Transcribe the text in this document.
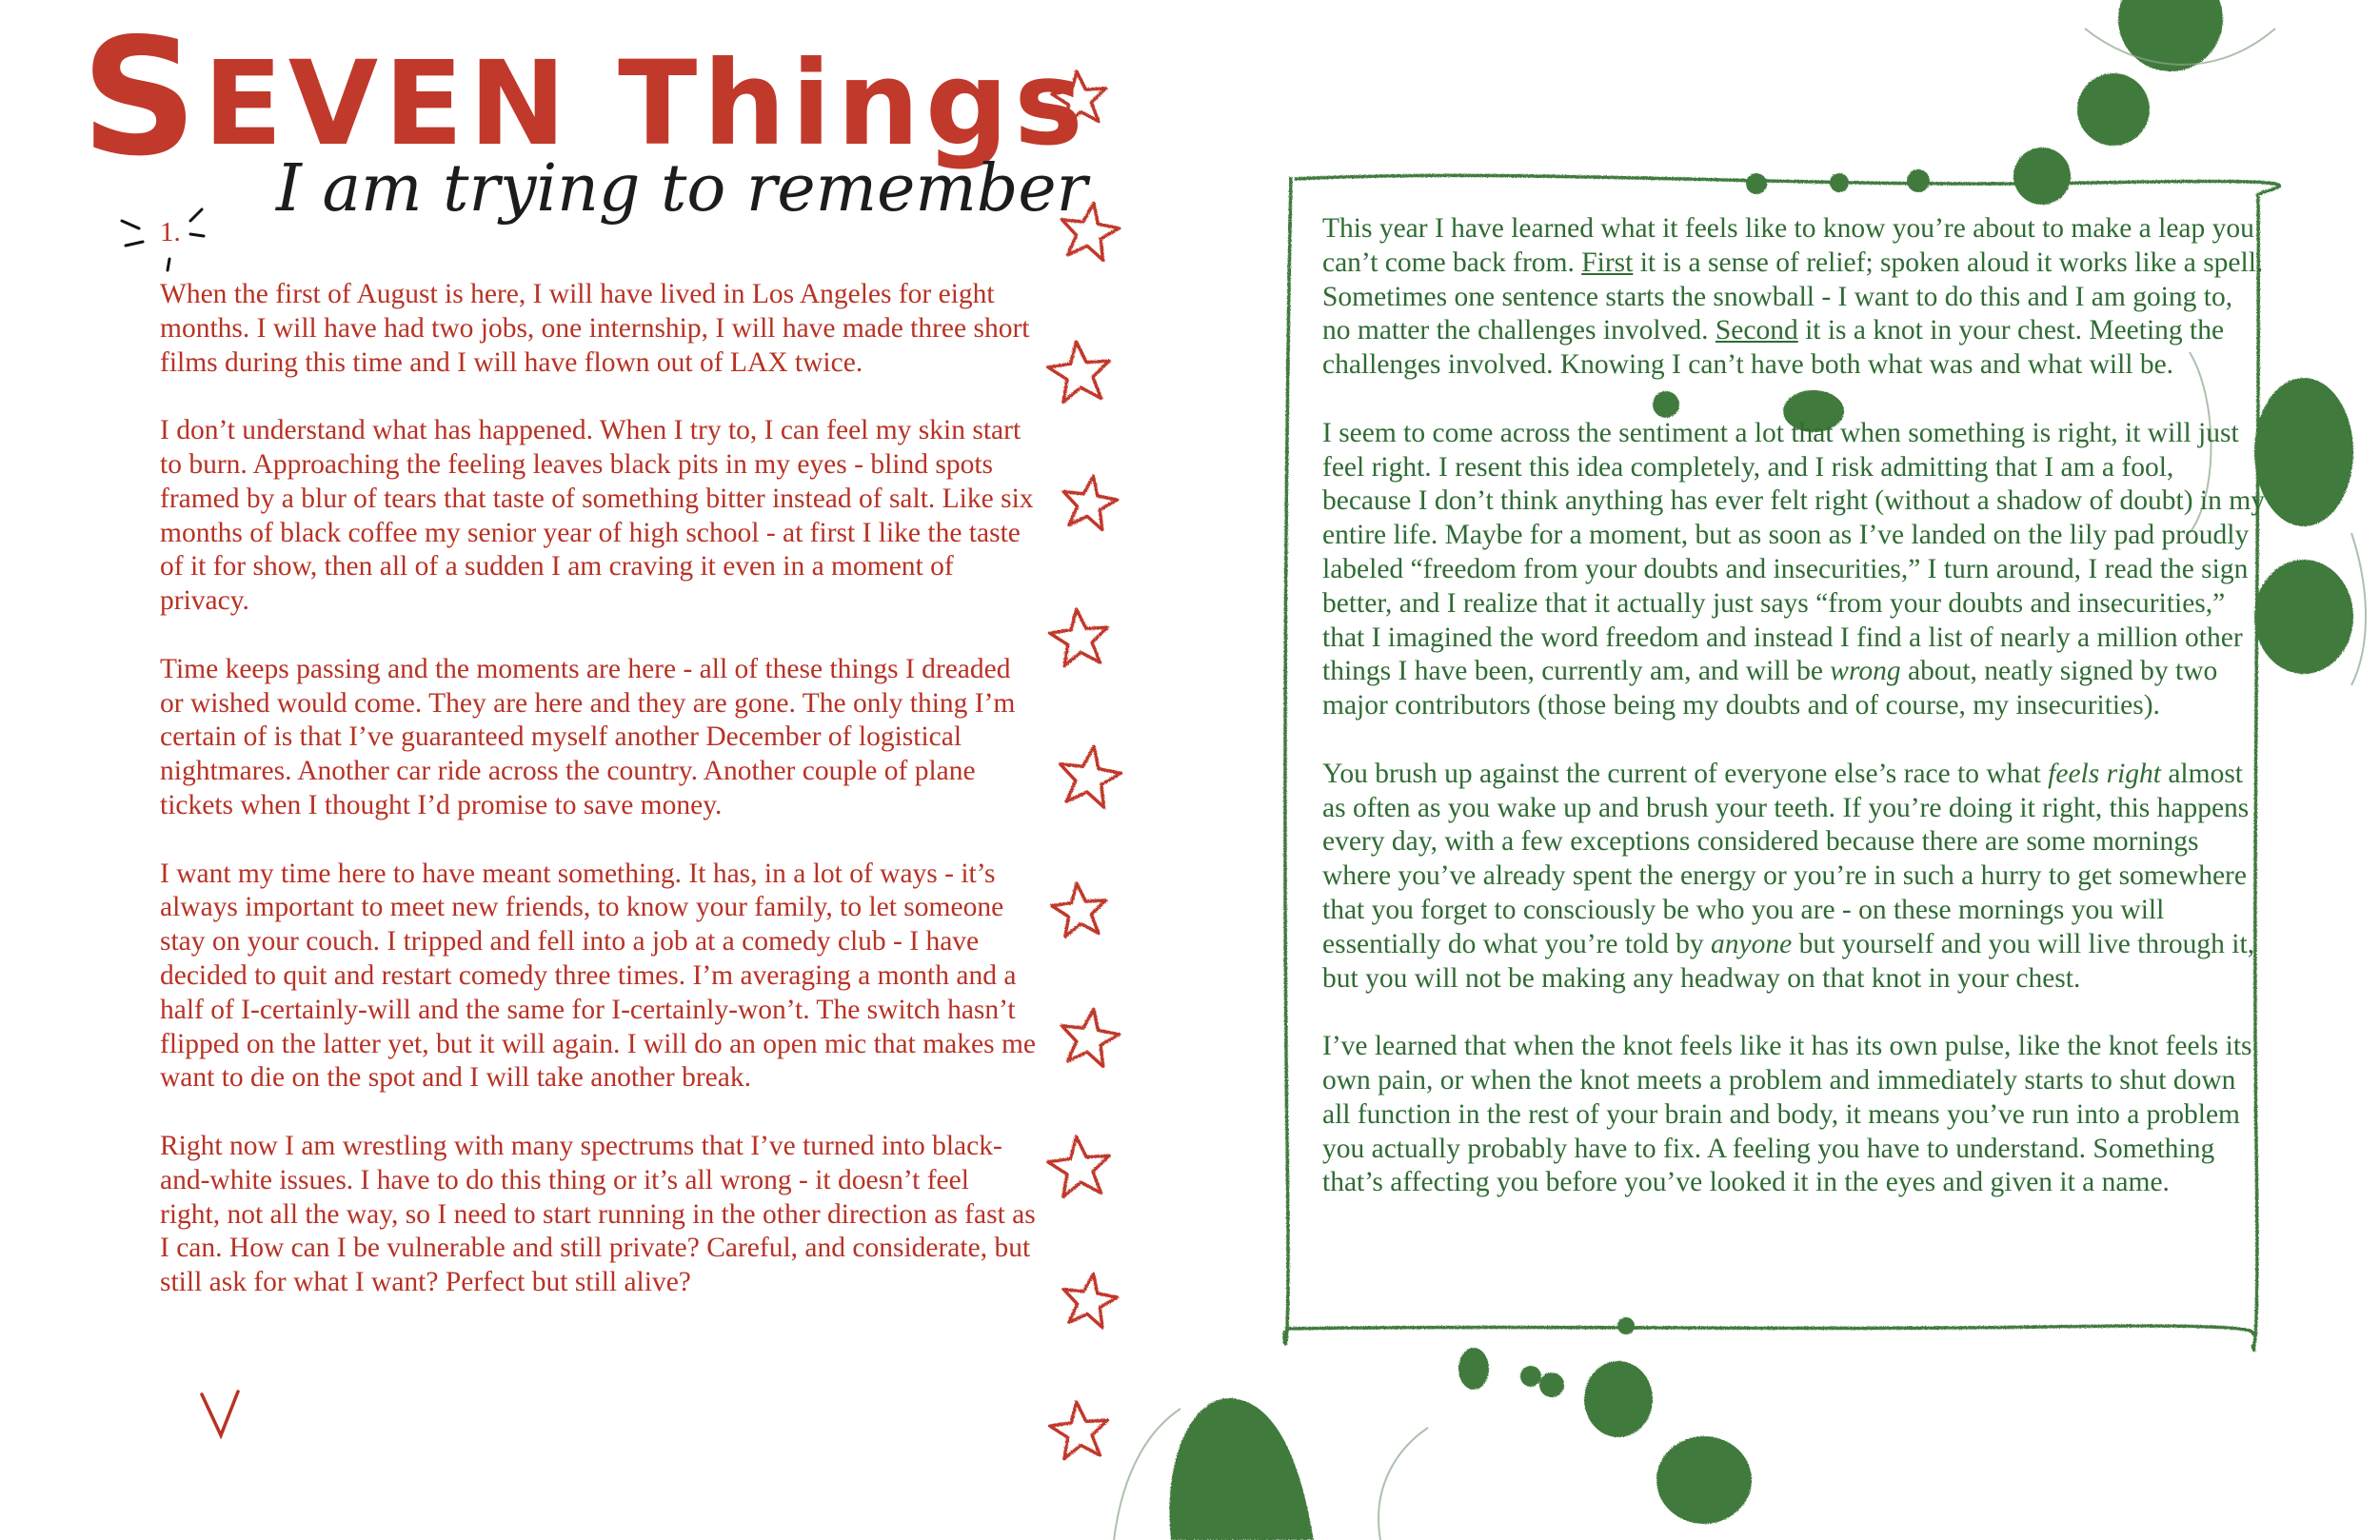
SEVEN Things
I am trying to remember
1.

When the first of August is here, I will have lived in Los Angeles for eight months. I will have had two jobs, one internship, I will have made three short films during this time and I will have flown out of LAX twice.

I don’t understand what has happened. When I try to, I can feel my skin start to burn. Approaching the feeling leaves black pits in my eyes - blind spots framed by a blur of tears that taste of something bitter instead of salt. Like six months of black coffee my senior year of high school - at first I like the taste of it for show, then all of a sudden I am craving it even in a moment of privacy.

Time keeps passing and the moments are here - all of these things I dreaded or wished would come. They are here and they are gone. The only thing I’m certain of is that I’ve guaranteed myself another December of logistical nightmares. Another car ride across the country. Another couple of plane tickets when I thought I’d promise to save money.

I want my time here to have meant something. It has, in a lot of ways - it’s always important to meet new friends, to know your family, to let someone stay on your couch. I tripped and fell into a job at a comedy club - I have decided to quit and restart comedy three times. I’m averaging a month and a half of I-certainly-will and the same for I-certainly-won’t. The switch hasn’t flipped on the latter yet, but it will again. I will do an open mic that makes me want to die on the spot and I will take another break.

Right now I am wrestling with many spectrums that I’ve turned into black-and-white issues. I have to do this thing or it’s all wrong - it doesn’t feel right, not all the way, so I need to start running in the other direction as fast as I can. How can I be vulnerable and still private? Careful, and considerate, but still ask for what I want? Perfect but still alive?

This year I have learned what it feels like to know you’re about to make a leap you can’t come back from. First it is a sense of relief; spoken aloud it works like a spell. Sometimes one sentence starts the snowball - I want to do this and I am going to, no matter the challenges involved. Second it is a knot in your chest. Meeting the challenges involved. Knowing I can’t have both what was and what will be.

I seem to come across the sentiment a lot that when something is right, it will just feel right. I resent this idea completely, and I risk admitting that I am a fool, because I don’t think anything has ever felt right (without a shadow of doubt) in my entire life. Maybe for a moment, but as soon as I’ve landed on the lily pad proudly labeled “freedom from your doubts and insecurities,” I turn around, I read the sign better, and I realize that it actually just says “from your doubts and insecurities,” that I imagined the word freedom and instead I find a list of nearly a million other things I have been, currently am, and will be wrong about, neatly signed by two major contributors (those being my doubts and of course, my insecurities).

You brush up against the current of everyone else’s race to what feels right almost as often as you wake up and brush your teeth. If you’re doing it right, this happens every day, with a few exceptions considered because there are some mornings where you’ve already spent the energy or you’re in such a hurry to get somewhere that you forget to consciously be who you are - on these mornings you will essentially do what you’re told by anyone but yourself and you will live through it, but you will not be making any headway on that knot in your chest.

I’ve learned that when the knot feels like it has its own pulse, like the knot feels its own pain, or when the knot meets a problem and immediately starts to shut down all function in the rest of your brain and body, it means you’ve run into a problem you actually probably have to fix. A feeling you have to understand. Something that’s affecting you before you’ve looked it in the eyes and given it a name.
